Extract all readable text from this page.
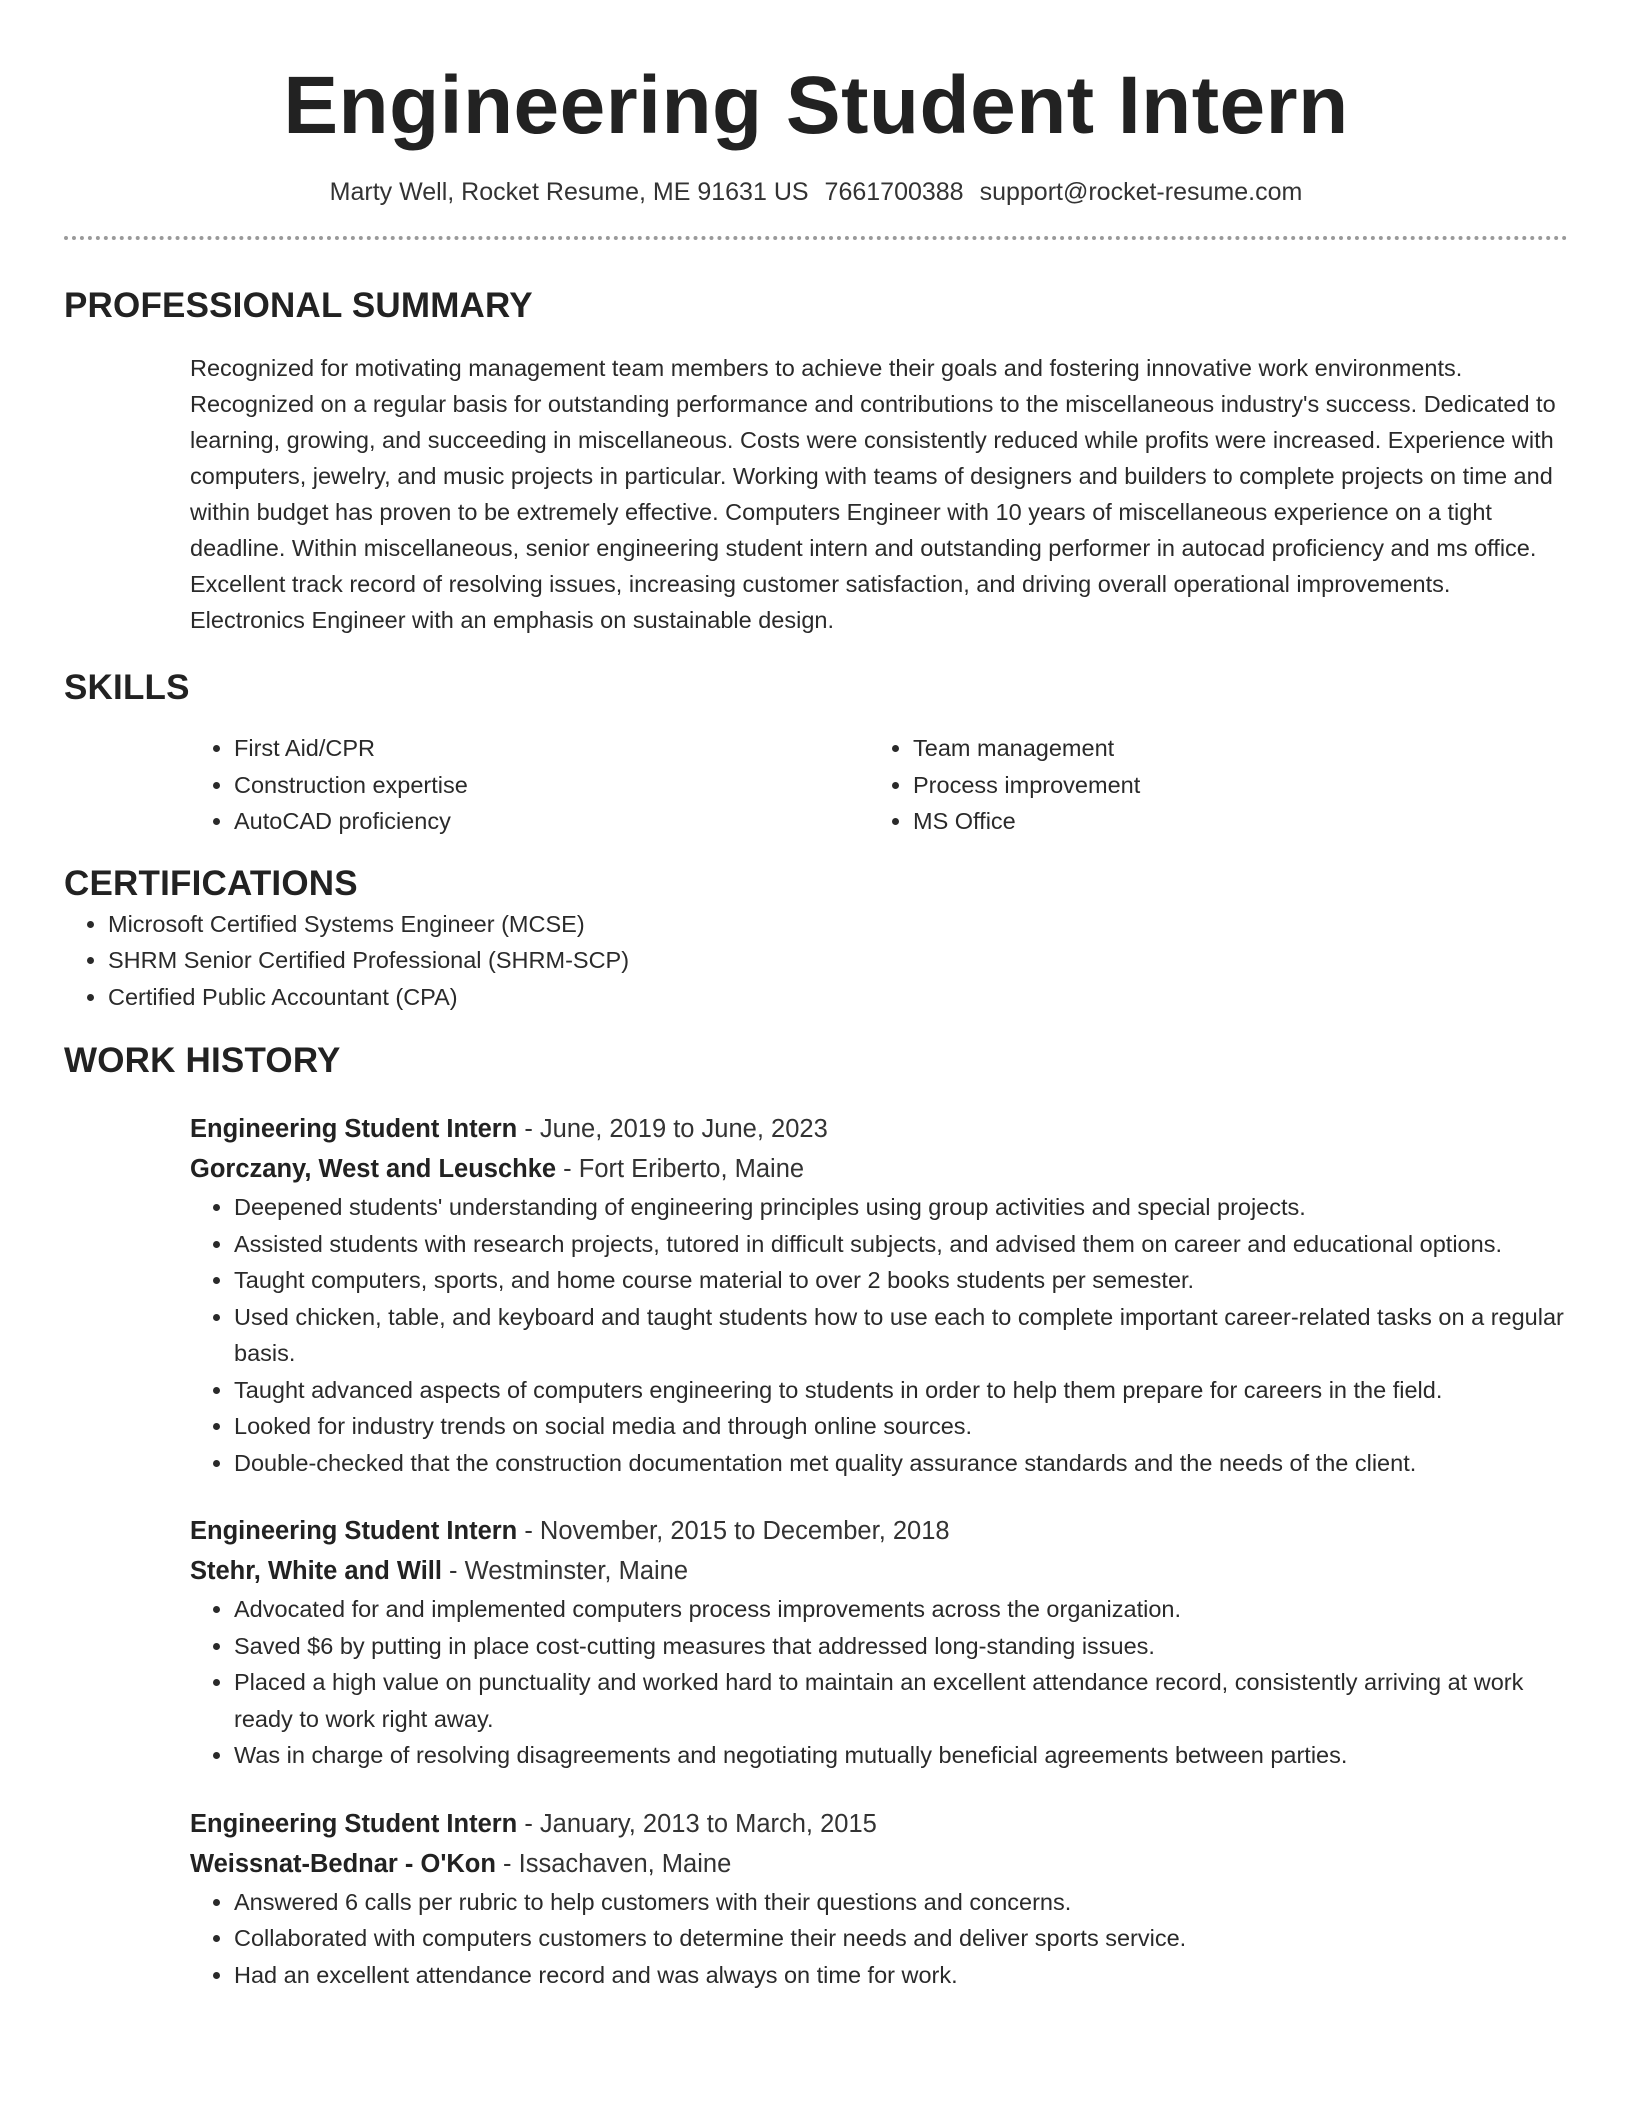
Engineering Student Intern
Marty Well, Rocket Resume, ME 91631 US 7661700388 support@rocket-resume.com
PROFESSIONAL SUMMARY

Recognized for motivating management team members to achieve their goals and fostering innovative work environments. Recognized on a regular basis for outstanding performance and contributions to the miscellaneous industry's success. Dedicated to learning, growing, and succeeding in miscellaneous. Costs were consistently reduced while profits were increased. Experience with computers, jewelry, and music projects in particular. Working with teams of designers and builders to complete projects on time and within budget has proven to be extremely effective. Computers Engineer with 10 years of miscellaneous experience on a tight deadline. Within miscellaneous, senior engineering student intern and outstanding performer in autocad proficiency and ms office. Excellent track record of resolving issues, increasing customer satisfaction, and driving overall operational improvements. Electronics Engineer with an emphasis on sustainable design.

SKILLS
• First Aid/CPR
• Construction expertise
• AutoCAD proficiency
• Team management
• Process improvement
• MS Office
CERTIFICATIONS
• Microsoft Certified Systems Engineer (MCSE)
• SHRM Senior Certified Professional (SHRM-SCP)
• Certified Public Accountant (CPA)
WORK HISTORY
Engineering Student Intern - June, 2019 to June, 2023
Gorczany, West and Leuschke - Fort Eriberto, Maine
• Deepened students' understanding of engineering principles using group activities and special projects.
• Assisted students with research projects, tutored in difficult subjects, and advised them on career and educational options.
• Taught computers, sports, and home course material to over 2 books students per semester.
• Used chicken, table, and keyboard and taught students how to use each to complete important career-related tasks on a regular basis.
• Taught advanced aspects of computers engineering to students in order to help them prepare for careers in the field.
• Looked for industry trends on social media and through online sources.
• Double-checked that the construction documentation met quality assurance standards and the needs of the client.
Engineering Student Intern - November, 2015 to December, 2018
Stehr, White and Will - Westminster, Maine
• Advocated for and implemented computers process improvements across the organization.
• Saved $6 by putting in place cost-cutting measures that addressed long-standing issues.
• Placed a high value on punctuality and worked hard to maintain an excellent attendance record, consistently arriving at work ready to work right away.
• Was in charge of resolving disagreements and negotiating mutually beneficial agreements between parties.
Engineering Student Intern - January, 2013 to March, 2015
Weissnat-Bednar - O'Kon - Issachaven, Maine
• Answered 6 calls per rubric to help customers with their questions and concerns.
• Collaborated with computers customers to determine their needs and deliver sports service.
• Had an excellent attendance record and was always on time for work.
